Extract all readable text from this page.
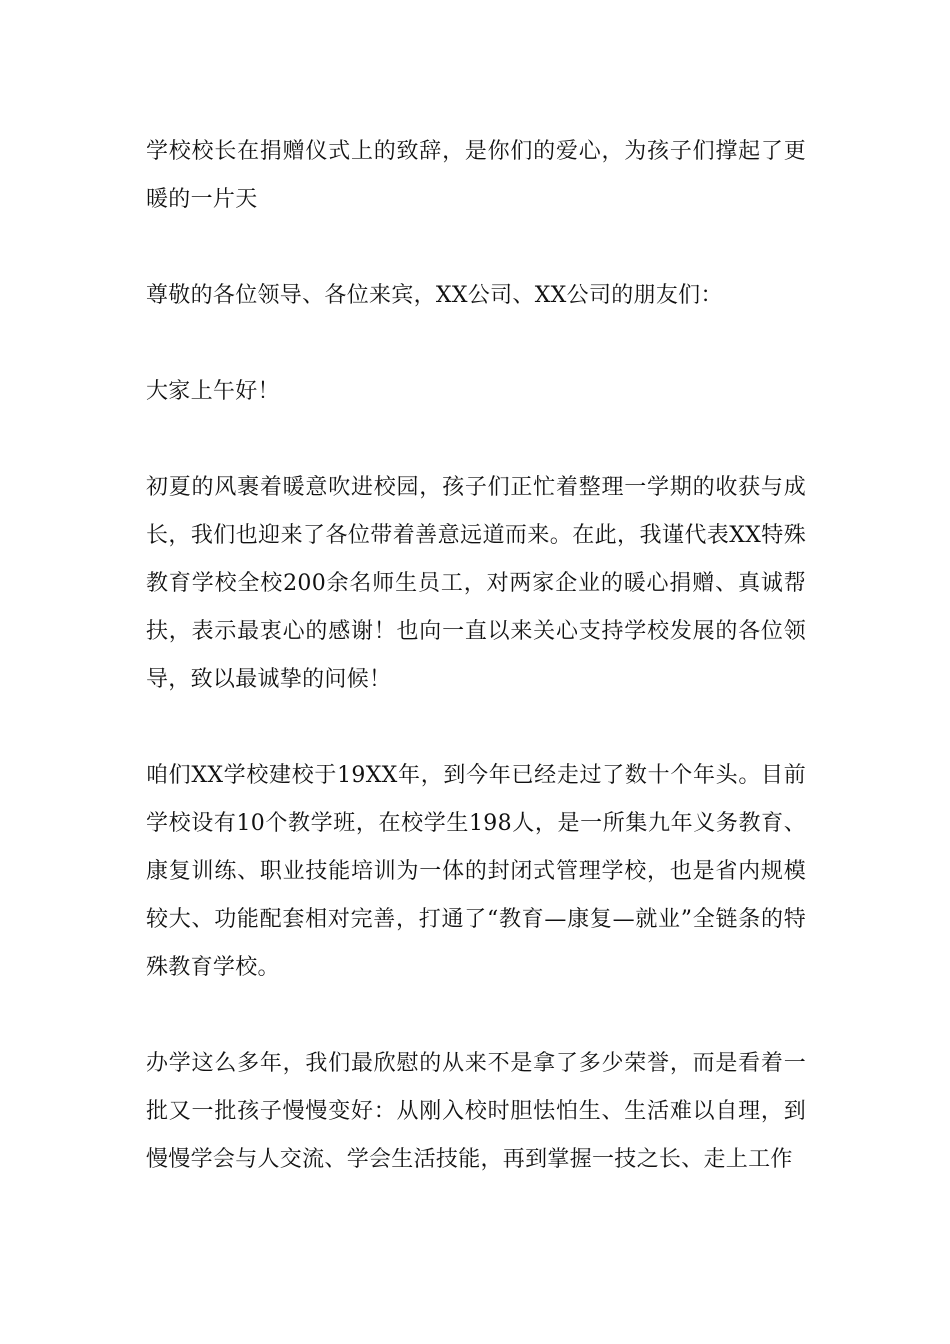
学校校长在捐赠仪式上的致辞，是你们的爱心，为孩子们撑起了更暖的一片天

尊敬的各位领导、各位来宾，XX公司、XX公司的朋友们：

大家上午好！

初夏的风裹着暖意吹进校园，孩子们正忙着整理一学期的收获与成长，我们也迎来了各位带着善意远道而来。在此，我谨代表XX特殊教育学校全校200余名师生员工，对两家企业的暖心捐赠、真诚帮扶，表示最衷心的感谢！也向一直以来关心支持学校发展的各位领导，致以最诚挚的问候！

咱们XX学校建校于19XX年，到今年已经走过了数十个年头。目前学校设有10个教学班，在校学生198人，是一所集九年义务教育、康复训练、职业技能培训为一体的封闭式管理学校，也是省内规模较大、功能配套相对完善，打通了“教育—康复—就业”全链条的特殊教育学校。

办学这么多年，我们最欣慰的从来不是拿了多少荣誉，而是看着一批又一批孩子慢慢变好：从刚入校时胆怯怕生、生活难以自理，到慢慢学会与人交流、学会生活技能，再到掌握一技之长、走上工作
